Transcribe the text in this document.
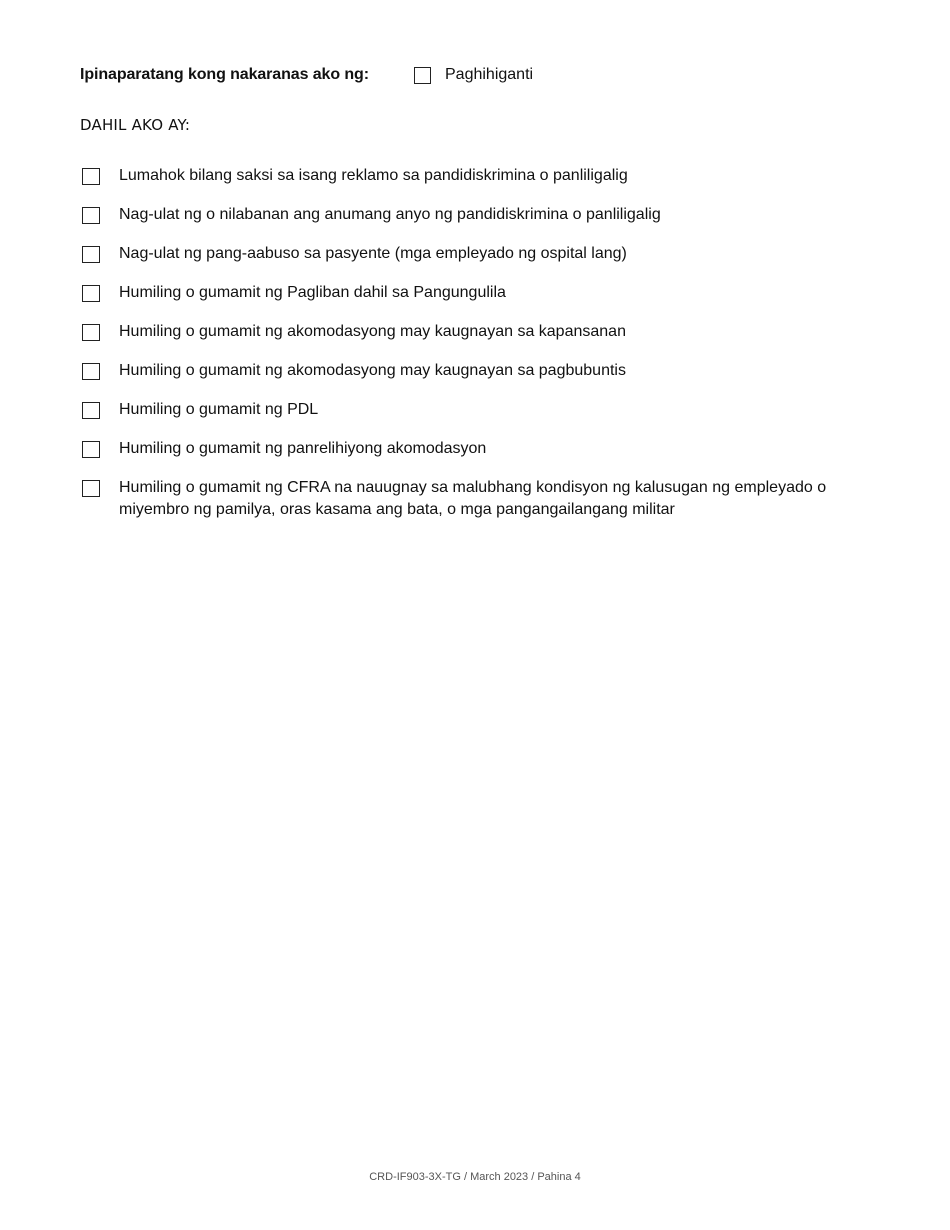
Ipinaparatang kong nakaranas ako ng:	Paghihiganti
DAHIL AKO AY:
Lumahok bilang saksi sa isang reklamo sa pandidiskrimina o panliligalig
Nag-ulat ng o nilabanan ang anumang anyo ng pandidiskrimina o panliligalig
Nag-ulat ng pang-aabuso sa pasyente (mga empleyado ng ospital lang)
Humiling o gumamit ng Pagliban dahil sa Pangungulila
Humiling o gumamit ng akomodasyong may kaugnayan sa kapansanan
Humiling o gumamit ng akomodasyong may kaugnayan sa pagbubuntis
Humiling o gumamit ng PDL
Humiling o gumamit ng panrelihiyong akomodasyon
Humiling o gumamit ng CFRA na nauugnay sa malubhang kondisyon ng kalusugan ng empleyado o miyembro ng pamilya, oras kasama ang bata, o mga pangangailangang militar
CRD-IF903-3X-TG / March 2023 / Pahina 4
